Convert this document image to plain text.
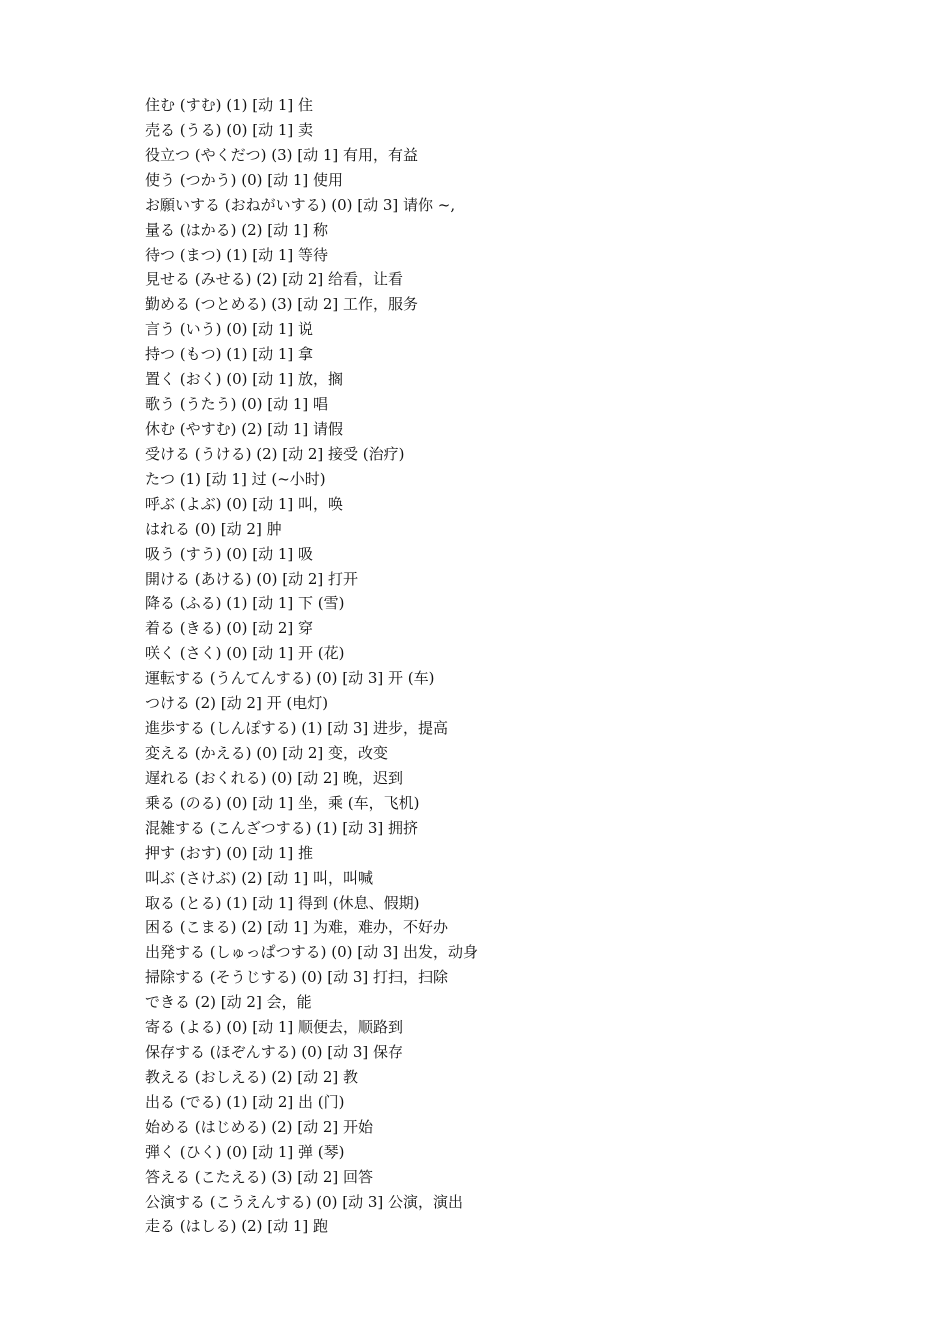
住む (すむ) (1) [动 1] 住
売る (うる) (0) [动 1] 卖
役立つ (やくだつ) (3) [动 1] 有用，有益
使う (つかう) (0) [动 1] 使用
お願いする (おねがいする) (0) [动 3] 请你 ~,
量る (はかる) (2) [动 1] 称
待つ (まつ) (1) [动 1] 等待
見せる (みせる) (2) [动 2] 给看，让看
勤める (つとめる) (3) [动 2] 工作，服务
言う (いう) (0) [动 1] 说
持つ (もつ) (1) [动 1] 拿
置く (おく) (0) [动 1] 放，搁
歌う (うたう) (0) [动 1] 唱
休む (やすむ) (2) [动 1] 请假
受ける (うける) (2) [动 2] 接受 (治疗)
たつ (1) [动 1] 过 (~小时)
呼ぶ (よぶ) (0) [动 1] 叫，唤
はれる (0) [动 2] 肿
吸う (すう) (0) [动 1] 吸
開ける (あける) (0) [动 2] 打开
降る (ふる) (1) [动 1] 下 (雪)
着る (きる) (0) [动 2] 穿
咲く (さく) (0) [动 1] 开 (花)
運転する (うんてんする) (0) [动 3] 开 (车)
つける (2) [动 2] 开 (电灯)
進歩する (しんぽする) (1) [动 3] 进步，提高
変える (かえる) (0) [动 2] 变，改变
遅れる (おくれる) (0) [动 2] 晚，迟到
乗る (のる) (0) [动 1] 坐，乘 (车，飞机)
混雑する (こんざつする) (1) [动 3] 拥挤
押す (おす) (0) [动 1] 推
叫ぶ (さけぶ) (2) [动 1] 叫，叫喊
取る (とる) (1) [动 1] 得到 (休息、假期)
困る (こまる) (2) [动 1] 为难，难办，不好办
出発する (しゅっぱつする) (0) [动 3] 出发，动身
掃除する (そうじする) (0) [动 3] 打扫，扫除
できる (2) [动 2] 会，能
寄る (よる) (0) [动 1] 顺便去，顺路到
保存する (ほぞんする) (0) [动 3] 保存
教える (おしえる) (2) [动 2] 教
出る (でる) (1) [动 2] 出 (门)
始める (はじめる) (2) [动 2] 开始
弾く (ひく) (0) [动 1] 弹 (琴)
答える (こたえる) (3) [动 2] 回答
公演する (こうえんする) (0) [动 3] 公演，演出
走る (はしる) (2) [动 1] 跑
